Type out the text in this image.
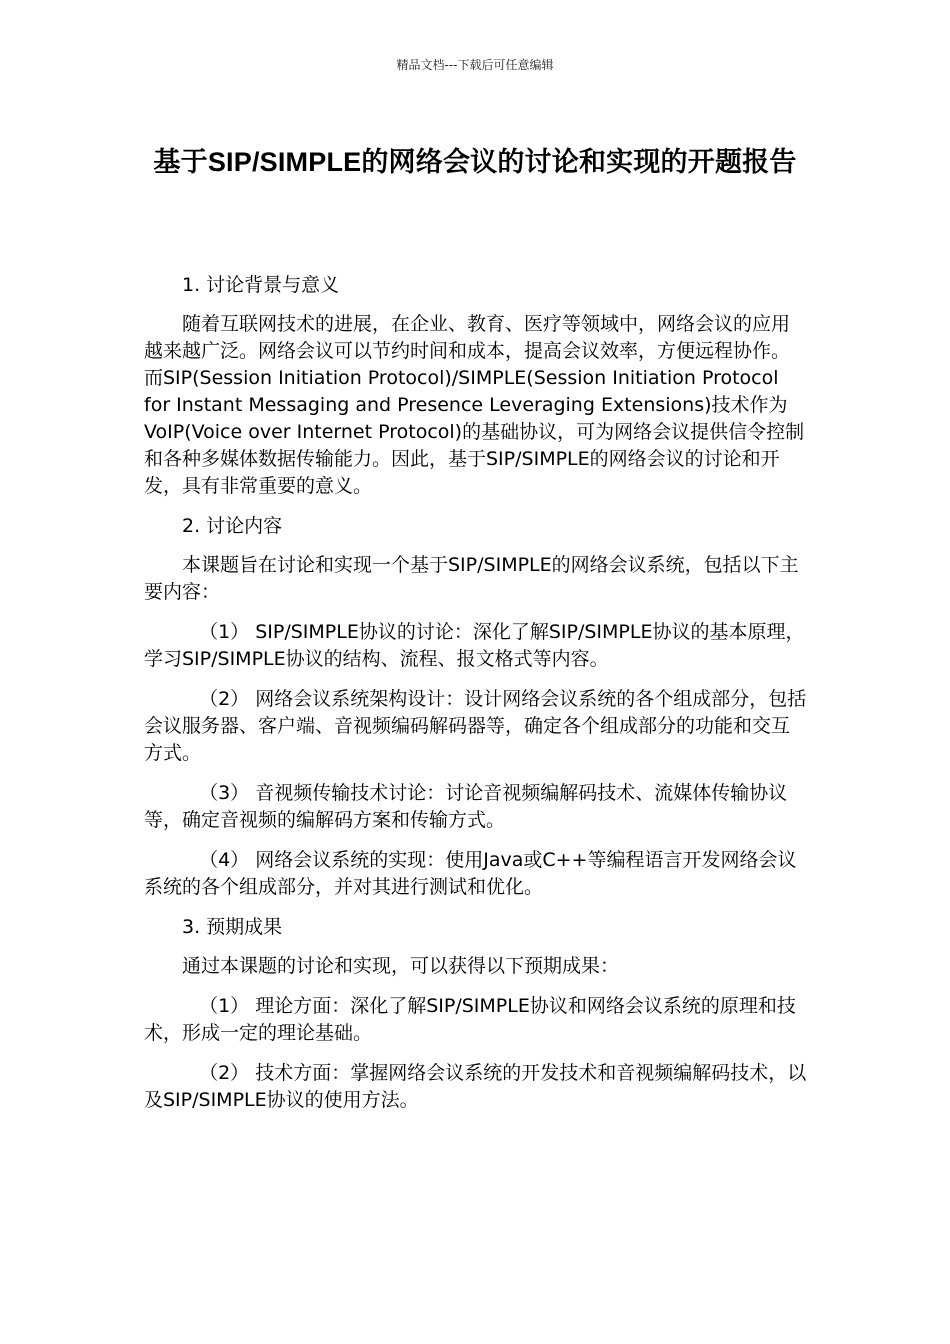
精品文档---下载后可任意编辑
基于SIP/SIMPLE的网络会议的讨论和实现的开题报告

1. 讨论背景与意义

随着互联网技术的进展，在企业、教育、医疗等领域中，网络会议的应用越来越广泛。网络会议可以节约时间和成本，提高会议效率，方便远程协作。而SIP(Session Initiation Protocol)/SIMPLE(Session Initiation Protocol for Instant Messaging and Presence Leveraging Extensions)技术作为VoIP(Voice over Internet Protocol)的基础协议，可为网络会议提供信令控制和各种多媒体数据传输能力。因此，基于SIP/SIMPLE的网络会议的讨论和开发，具有非常重要的意义。

2. 讨论内容

本课题旨在讨论和实现一个基于SIP/SIMPLE的网络会议系统，包括以下主要内容：

（1） SIP/SIMPLE协议的讨论：深化了解SIP/SIMPLE协议的基本原理，学习SIP/SIMPLE协议的结构、流程、报文格式等内容。

（2） 网络会议系统架构设计：设计网络会议系统的各个组成部分，包括会议服务器、客户端、音视频编码解码器等，确定各个组成部分的功能和交互方式。

（3） 音视频传输技术讨论：讨论音视频编解码技术、流媒体传输协议等，确定音视频的编解码方案和传输方式。

（4） 网络会议系统的实现：使用Java或C++等编程语言开发网络会议系统的各个组成部分，并对其进行测试和优化。

3. 预期成果

通过本课题的讨论和实现，可以获得以下预期成果：

（1） 理论方面：深化了解SIP/SIMPLE协议和网络会议系统的原理和技术，形成一定的理论基础。

（2） 技术方面：掌握网络会议系统的开发技术和音视频编解码技术，以及SIP/SIMPLE协议的使用方法。
